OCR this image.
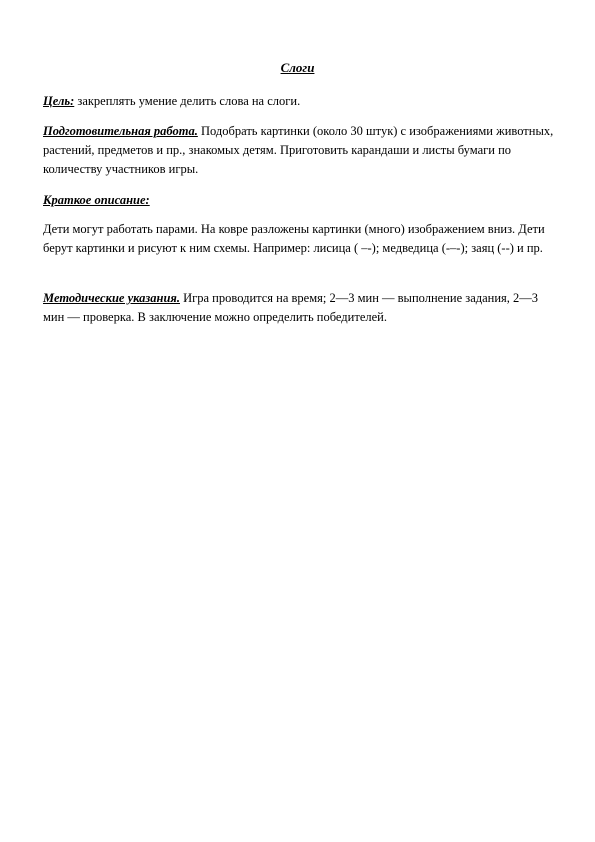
Слоги

Цель: закреплять умение делить слова на слоги.

Подготовительная работа. Подобрать картинки (около 30 штук) с изображениями животных, растений, предметов и пр., знакомых детям. Приготовить карандаши и листы бумаги по количеству участников игры.

Краткое описание:

Дети могут работать парами. На ковре разложены картинки (много) изображением вниз. Дети берут картинки и рисуют к ним схемы. Например: лисица ( –-); медведица (-–-); заяц (--) и пр.

Методические указания. Игра проводится на время; 2—3 мин — выполнение задания, 2—3 мин — проверка. В заключение можно определить победителей.
